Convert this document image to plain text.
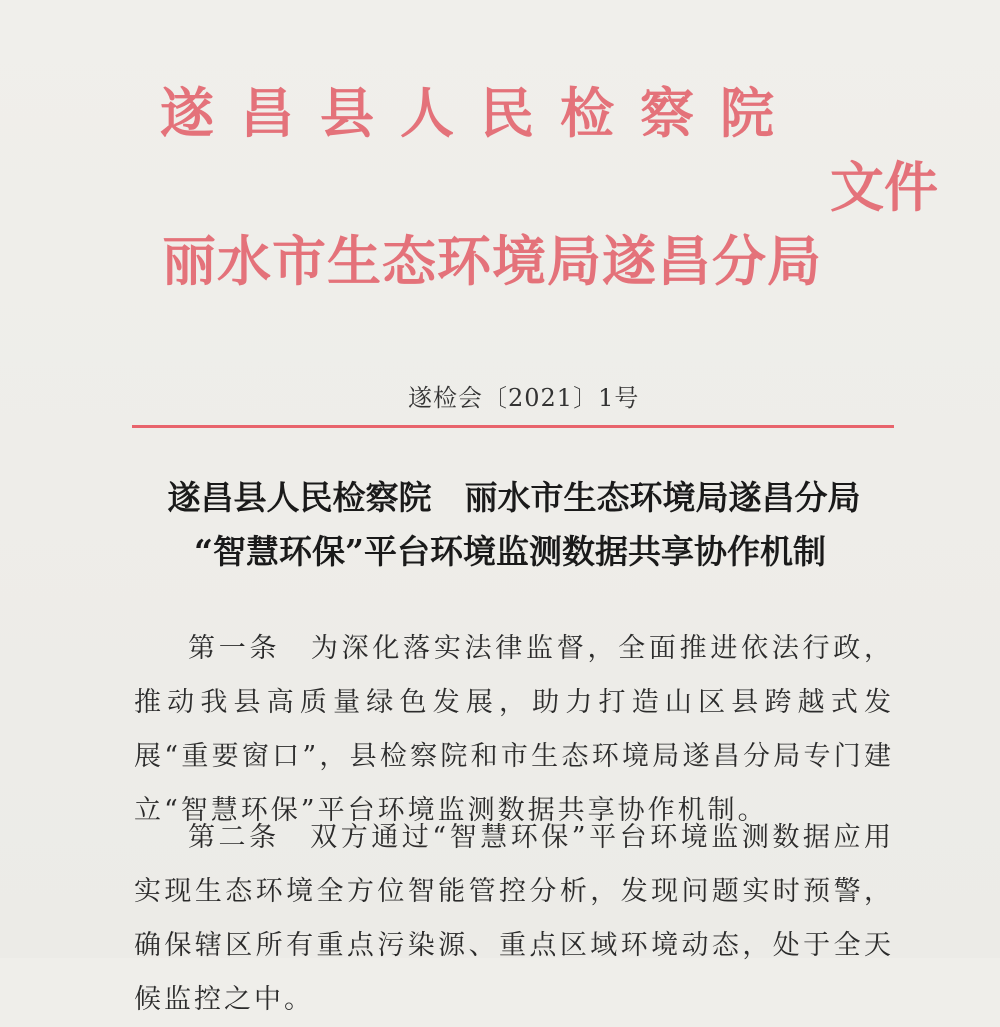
遂昌县人民检察院
文件
丽水市生态环境局遂昌分局
遂检会〔2021〕1号
遂昌县人民检察院　丽水市生态环境局遂昌分局
“智慧环保”平台环境监测数据共享协作机制
第一条　为深化落实法律监督，全面推进依法行政，推动我县高质量绿色发展，助力打造山区县跨越式发展“重要窗口”，县检察院和市生态环境局遂昌分局专门建立“智慧环保”平台环境监测数据共享协作机制。
第二条　双方通过“智慧环保”平台环境监测数据应用实现生态环境全方位智能管控分析，发现问题实时预警，确保辖区所有重点污染源、重点区域环境动态，处于全天候监控之中。
